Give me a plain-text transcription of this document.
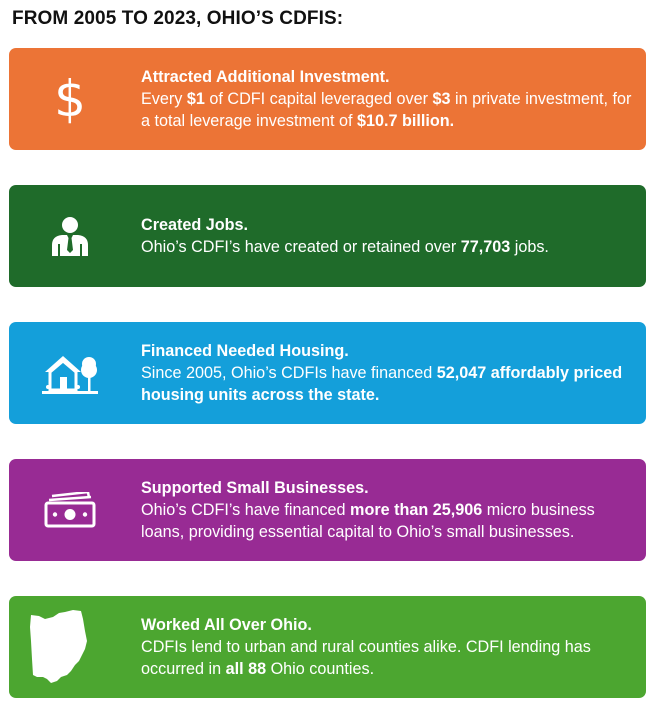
FROM 2005 TO 2023, OHIO’S CDFIS:
$	Attracted Additional Investment.
Every $1 of CDFI capital leveraged over $3 in private investment, for a total leverage investment of $10.7 billion.
Created Jobs.
Ohio’s CDFI’s have created or retained over 77,703 jobs.
Financed Needed Housing.
Since 2005, Ohio’s CDFIs have financed 52,047 affordably priced housing units across the state.
Supported Small Businesses.
Ohio’s CDFI’s have financed more than 25,906 micro business loans, providing essential capital to Ohio’s small businesses.
Worked All Over Ohio.
CDFIs lend to urban and rural counties alike. CDFI lending has occurred in all 88 Ohio counties.
